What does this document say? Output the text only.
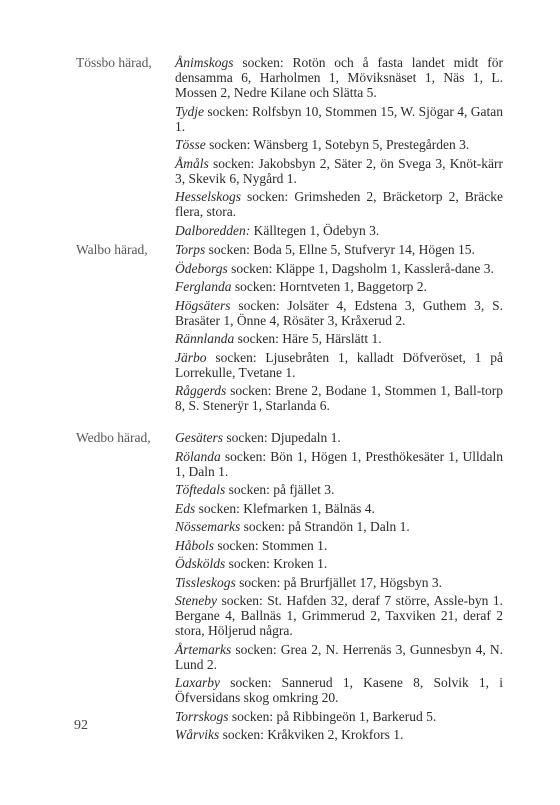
Tössbo härad, Ånimskogs socken: Rotön och å fasta landet midt för densamma 6, Harholmen 1, Möviksnäset 1, Näs 1, L. Mossen 2, Nedre Kilane och Slätta 5.

Tydje socken: Rolfsbyn 10, Stommen 15, W. Sjögar 4, Gatan 1.

Tösse socken: Wänsberg 1, Sotebyn 5, Prestegården 3.

Åmåls socken: Jakobsbyn 2, Säter 2, ön Svega 3, Knöt-kärr 3, Skevik 6, Nygård 1.

Hesselskogs socken: Grimsheden 2, Bräcketorp 2, Bräcke flera, stora.

Dalboredden: Källtegen 1, Ödebyn 3.

Walbo härad, Torps socken: Boda 5, Ellne 5, Stufveryr 14, Högen 15.

Ödeborgs socken: Kläppe 1, Dagsholm 1, Kasslerå-dane 3.

Ferglanda socken: Horntveten 1, Baggetorp 2.

Högsäters socken: Jolsäter 4, Edstena 3, Guthem 3, S. Brasäter 1, Önne 4, Rösäter 3, Kråxerud 2.

Rännlanda socken: Häre 5, Härslätt 1.

Järbo socken: Ljusebråten 1, kalladt Döfveröset, 1 på Lorrekulle, Tvetane 1.

Råggerds socken: Brene 2, Bodane 1, Stommen 1, Ball-torp 8, S. Stenerÿr 1, Starlanda 6.

Wedbo härad, Gesäters socken: Djupedaln 1.

Rölanda socken: Bön 1, Högen 1, Presthökesäter 1, Ulldaln 1, Daln 1.

Töftedals socken: på fjället 3.

Eds socken: Klefmarken 1, Bälnäs 4.

Nössemarks socken: på Strandön 1, Daln 1.

Håbols socken: Stommen 1.

Ödskölds socken: Kroken 1.

Tissleskogs socken: på Brurfjället 17, Högsbyn 3.

Steneby socken: St. Hafden 32, deraf 7 större, Assle-byn 1. Bergane 4, Ballnäs 1, Grimmerud 2, Taxviken 21, deraf 2 stora, Höljerud några.

Årtemarks socken: Grea 2, N. Herrenäs 3, Gunnesbyn 4, N. Lund 2.

Laxarby socken: Sannerud 1, Kasene 8, Solvik 1, i Öfversidans skog omkring 20.

Torrskogs socken: på Ribbingeön 1, Barkerud 5.

Wårviks socken: Kråkviken 2, Krokfors 1.

92
